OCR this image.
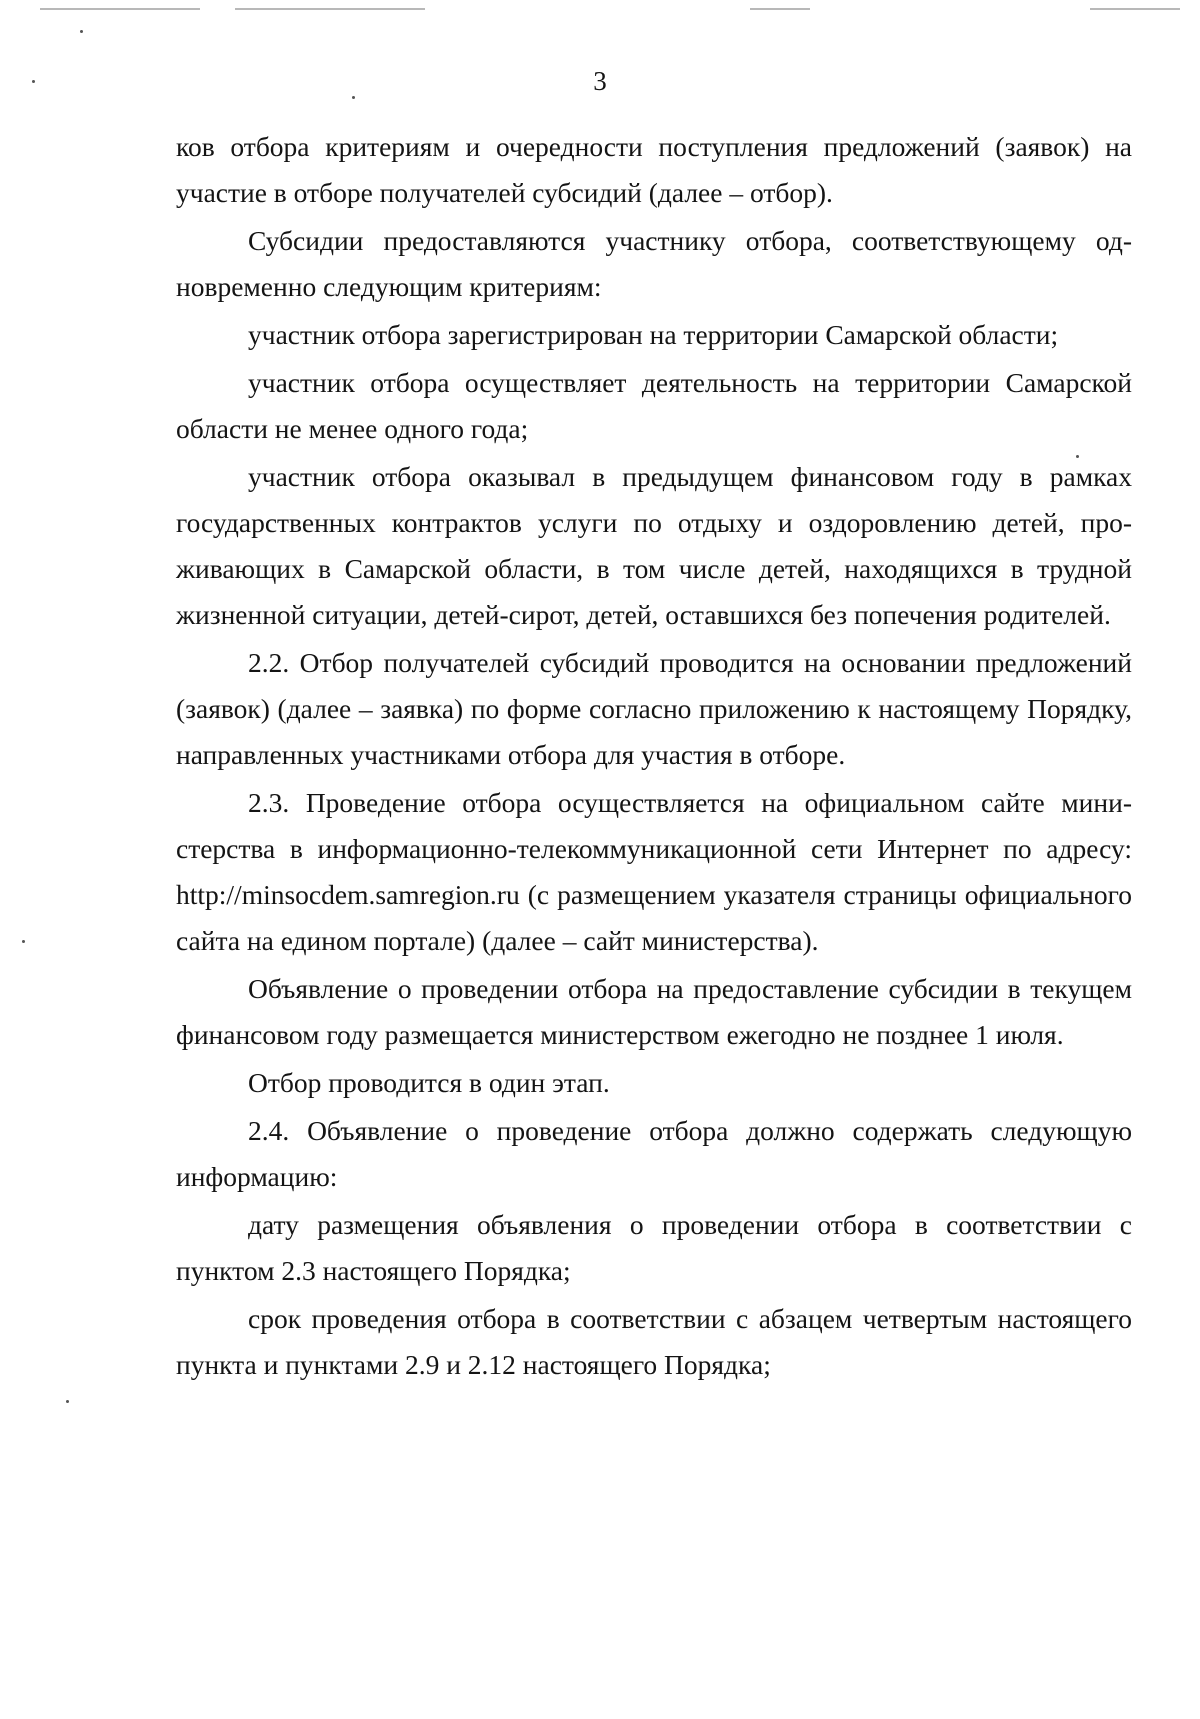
3

ков отбора критериям и очередности поступления предложений (заявок) на участие в отборе получателей субсидий (далее – отбор).

Субсидии предоставляются участнику отбора, соответствующему одновременно следующим критериям:

участник отбора зарегистрирован на территории Самарской области;

участник отбора осуществляет деятельность на территории Самарской области не менее одного года;

участник отбора оказывал в предыдущем финансовом году в рамках государственных контрактов услуги по отдыху и оздоровлению детей, проживающих в Самарской области, в том числе детей, находящихся в трудной жизненной ситуации, детей-сирот, детей, оставшихся без попечения родителей.

2.2. Отбор получателей субсидий проводится на основании предложений (заявок) (далее – заявка) по форме согласно приложению к настоящему Порядку, направленных участниками отбора для участия в отборе.

2.3. Проведение отбора осуществляется на официальном сайте министерства в информационно-телекоммуникационной сети Интернет по адресу: http://minsocdem.samregion.ru (с размещением указателя страницы официального сайта на едином портале) (далее – сайт министерства).

Объявление о проведении отбора на предоставление субсидии в текущем финансовом году размещается министерством ежегодно не позднее 1 июля.

Отбор проводится в один этап.

2.4. Объявление о проведение отбора должно содержать следующую информацию:

дату размещения объявления о проведении отбора в соответствии с пунктом 2.3 настоящего Порядка;

срок проведения отбора в соответствии с абзацем четвертым настоящего пункта и пунктами 2.9 и 2.12 настоящего Порядка;
